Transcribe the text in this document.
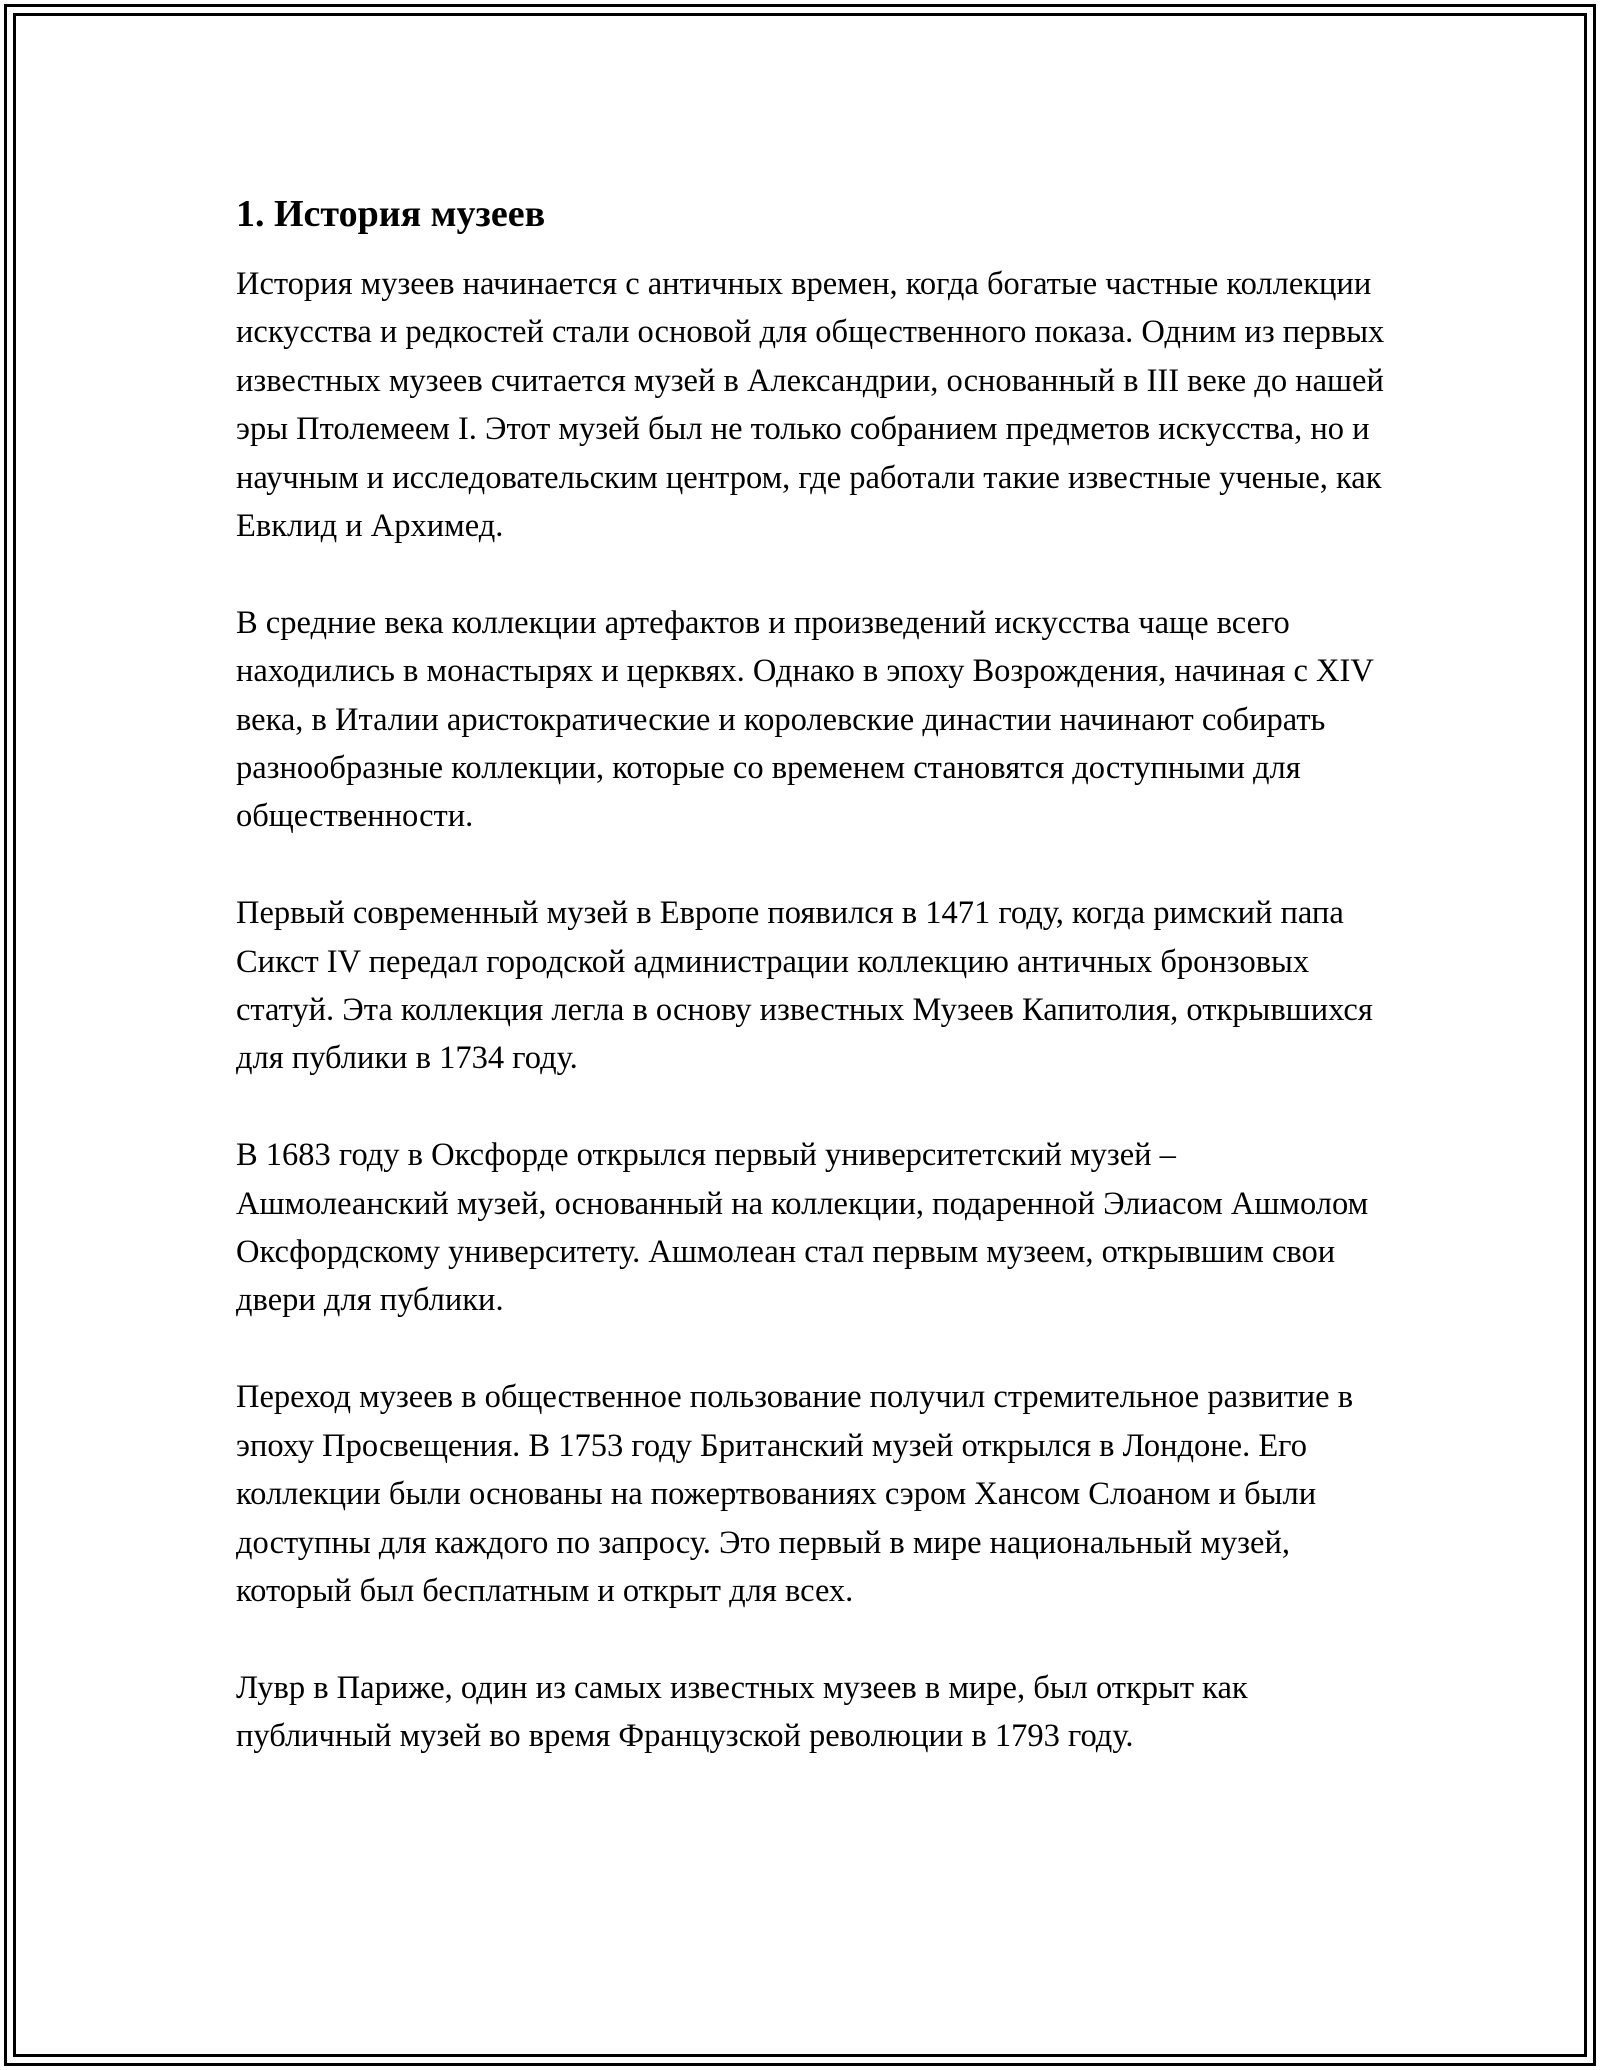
1. История музеев

История музеев начинается с античных времен, когда богатые частные коллекции искусства и редкостей стали основой для общественного показа. Одним из первых известных музеев считается музей в Александрии, основанный в III веке до нашей эры Птолемеем I. Этот музей был не только собранием предметов искусства, но и научным и исследовательским центром, где работали такие известные ученые, как Евклид и Архимед.

В средние века коллекции артефактов и произведений искусства чаще всего находились в монастырях и церквях. Однако в эпоху Возрождения, начиная с XIV века, в Италии аристократические и королевские династии начинают собирать разнообразные коллекции, которые со временем становятся доступными для общественности.

Первый современный музей в Европе появился в 1471 году, когда римский папа Сикст IV передал городской администрации коллекцию античных бронзовых статуй. Эта коллекция легла в основу известных Музеев Капитолия, открывшихся для публики в 1734 году.

В 1683 году в Оксфорде открылся первый университетский музей – Ашмолеанский музей, основанный на коллекции, подаренной Элиасом Ашмолом Оксфордскому университету. Ашмолеан стал первым музеем, открывшим свои двери для публики.

Переход музеев в общественное пользование получил стремительное развитие в эпоху Просвещения. В 1753 году Британский музей открылся в Лондоне. Его коллекции были основаны на пожертвованиях сэром Хансом Слоаном и были доступны для каждого по запросу. Это первый в мире национальный музей, который был бесплатным и открыт для всех.

Лувр в Париже, один из самых известных музеев в мире, был открыт как публичный музей во время Французской революции в 1793 году.
